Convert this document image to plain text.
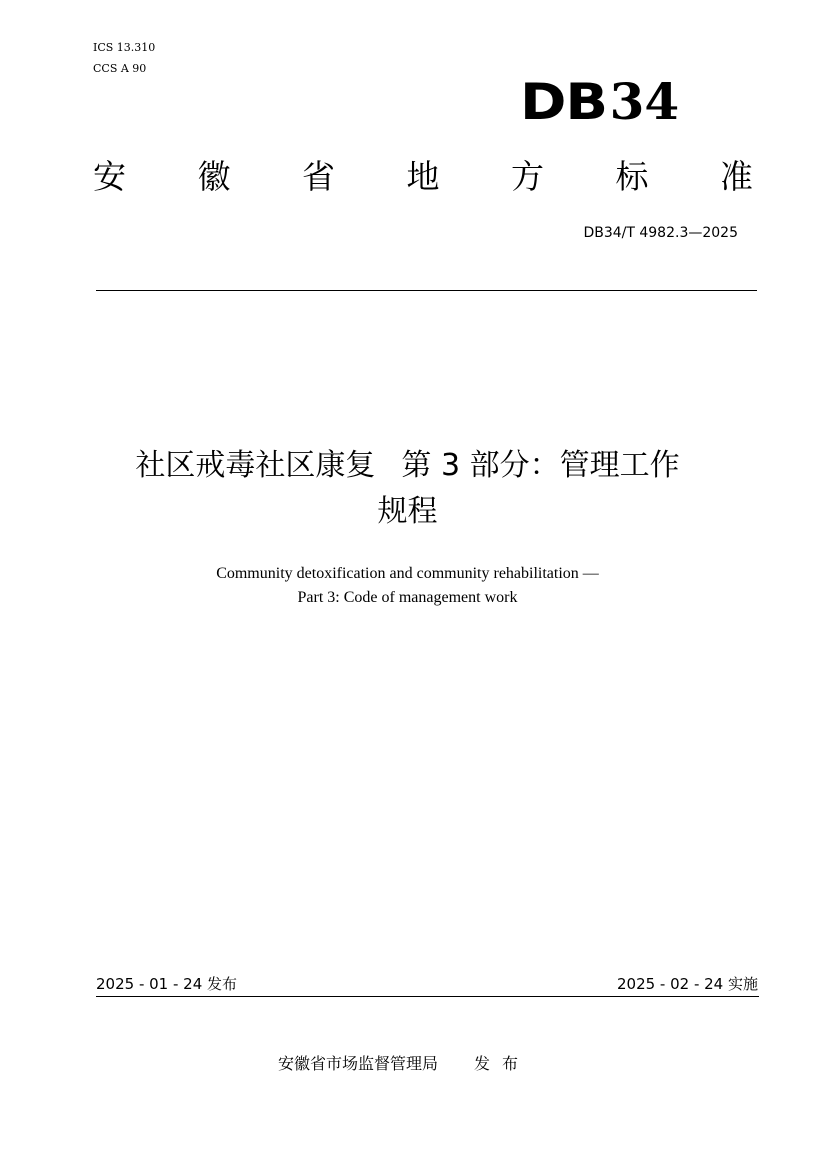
ICS 13.310
CCS A 90
DB34
安 徽 省 地 方 标 准
DB34/T 4982.3—2025
社区戒毒社区康复 第 3 部分：管理工作
规程
Community detoxification and community rehabilitation —
Part 3: Code of management work
2025 - 01 - 24 发布	2025 - 02 - 24 实施
安徽省市场监督管理局 发布
